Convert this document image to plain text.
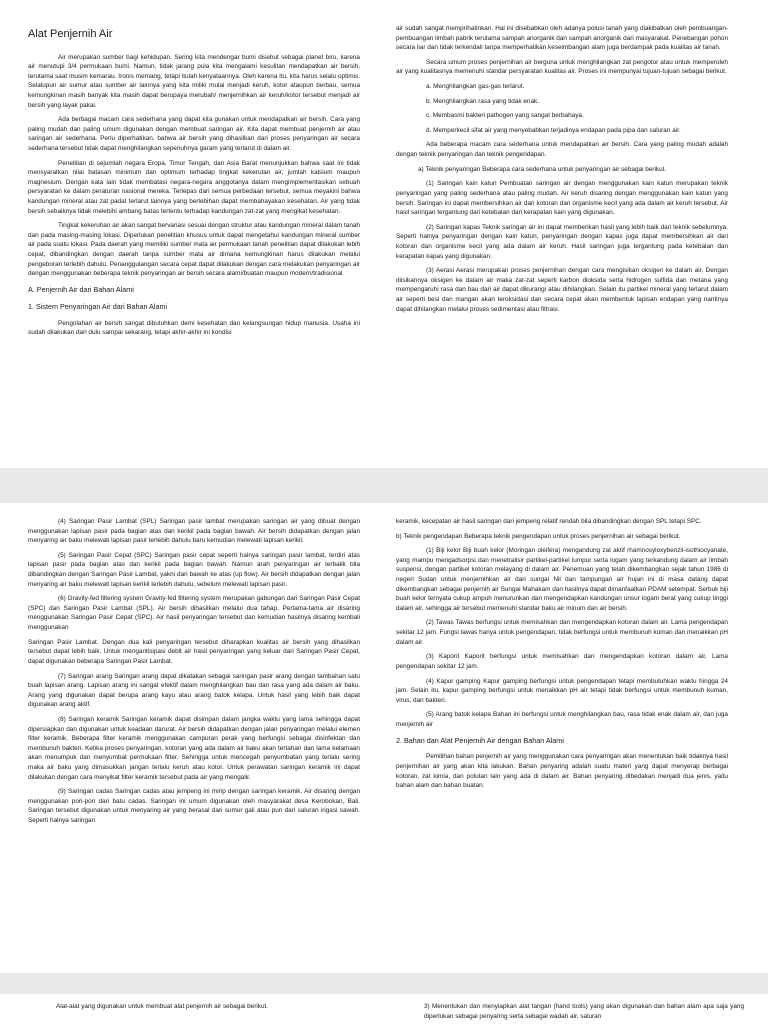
Alat Penjernih Air

Air merupakan sumber bagi kehidupan. Sering kita mendengar bumi disebut sebagai planet biru, karena air menutupi 3/4 permukaan bumi. Namun, tidak jarang pula kita mengalami kesulitan mendapatkan air bersih, terutama saat musim kemarau. Ironis memang, tetapi itulah kenyataannya. Oleh karena itu, kita harus selalu optimis. Selalupun air sumur atau sumber air lainnya yang kita miliki mulai menjadi keruh, kotor ataupun berbau, semua kemungkinan masih banyak kita masih dapat berupaya merubah/ menjernihkan air keruh/kotor tersebut menjadi air bersih yang layak pakai.

Ada berbagai macam cara sederhana yang dapat kita gunakan untuk mendapatkan air bersih. Cara yang paling mudah dan paling umum digunakan dengan membuat saringan air. Kita dapat membuat penjernih air atau saringan air sederhana. Perlu diperhatikan, bahwa air bersih yang dihasilkan dari proses penyaringan air secara sederhana tersebut tidak dapat menghilangkan sepenuhnya garam yang terlarut di dalam air.

Penelitian di sejumlah negara Eropa, Timur Tengah, dan Asia Barat menunjukkan bahwa saat ini tidak mensyaratkan nilai batasan minimum dan optimum terhadap tingkat kekerutan air, jumlah kalsium maupun magnesium. Dengan kata lain tidak membatasi negara-negara anggotanya dalam mengimplementasikan sebuah persyaratan ke dalam peraturan nasional mereka. Terlepas dari semua perbedaan tersebut, semua meyakini bahwa kandungan mineral atau zat padat terlarut lainnya yang berlebihan dapat membahayakan kesehatan. Air yang tidak bersih sebaiknya tidak melebihi ambang batas tertentu terhadap kandungan zat-zat yang mengikat kesehatan.

Tingkat kekeruhan air akan sangat bervariasi sesuai dengan struktur atau kandungan mineral dalam tanah dan pada masing-masing lokasi. Diperlukan penelitian khusus untuk dapat mengetahui kandungan mineral sumber air pada suatu lokasi. Pada daerah yang memiliki sumber mata air permukaan tanah penelitian dapat dilakukan lebih cepat, dibandingkan dengan daerah tanpa sumber mata air dimana kemungkinan harus dilakukan melalui pengeboran terlebih dahulu. Penanggulangan secara cepat dapat dilakukan dengan cara melakukan penyaringan air dengan menggunakan beberapa teknik penyaringan air bersih secara alami/buatan maupun modern/tradisional

A. Penjernih Air dari Bahan Alami
1. Sistem Penyaringan Air dari Bahan Alami

Pengolahan air bersih sangat dibutuhkan demi kesehatan dan kelangsungan hidup manusia. Usaha ini sudah dilakukan dari dulu sampai sekarang, tetapi akhir-akhir ini kondisi

air sudah sangat memprihatinkan. Hal ini disebabkan oleh adanya polusi tanah yang diakibatkan oleh pembuangan-pembuangan limbah pabrik terutama sampah anorganik dan sampah anorganik dari masyarakat. Penebangan pohon secara liar dan tidak terkendali tanpa memperhatikan keseimbangan alam juga berdampak pada kualitas air tanah.

Secara umum proses penjernihan air berguna untuk menghilangkan zat pengotor atau untuk memperoleh air yang kualitasnya memenuhi standar persyaratan kualitas air. Proses ini mempunyai tujuan-tujuan sebagai berikut.

a. Menghilangkan gas-gas terlarut.

b. Menghilangkan rasa yang tidak enak.

c. Membasmi bakteri pathogen yang sangat berbahaya.

d. Memperkecil sifat air yang menyebabkan terjadinya endapan pada pipa dan saluran air.

Ada beberapa macam cara sederhana untuk mendapatkan air bersih. Cara yang paling mudah adalah dengan teknik penyaringan dan teknik pengendapan.

a) Teknik penyaringan Beberapa cara sederhana untuk penyaringan air sebagai berikut.

(1) Saringan kain katun Pembuatan saringan air dengan menggunakan kain katun merupakan teknik penyaringan yang paling sederhana atau paling mudah. Air keruh disaring dengan menggunakan kain katun yang bersih. Saringan ini dapat membersihkan air dari kotoran dan organisme kecil yang ada dalam air keruh tersebut. Air hasil saringan tergantung dari ketebalan dan kerapatan kain yang digunakan.

(2) Saringan kapas Teknik saringan air ini dapat memberikan hasil yang lebih baik dari teknik sebelumnya. Seperti halnya penyaringan dengan kain katun, penyaringan dengan kapas juga dapat membersihkan air dari kotoran dan organisme kecil yang ada dalam air keruh. Hasil saringan juga tergantung pada ketebalan dan kerapatan kapas yang digunakan.

(3) Aerasi Aerasi merupakan proses penjernihan dengan cara mengisikan oksigen ke dalam air. Dengan diisikannya oksigen ke dalam air maka zat-zat seperti karbon dioksida serta hidrogen sulfida dan metana yang mempengaruhi rasa dan bau dari air dapat dikurangi atau dihilangkan. Selain itu partikel mineral yang terlarut dalam air seperti besi dan mangan akan teroksidasi dan secara cepat akan membentuk lapisan endapan yang nantinya dapat dihilangkan melalui proses sedimentasi atau filtrasi.

(4) Saringan Pasir Lambat (SPL) Saringan pasir lambat merupakan saringan air yang dibuat dengan menggunakan lapisan pasir pada bagian atas dan kerikil pada bagian bawah. Air bersih didapatkan dengan jalan menyaring air baku melewati lapisan pasir terlebih dahulu baru kemudian melewati lapisan kerikil.

(5) Saringan Pasir Cepat (SPC) Saringan pasir cepat seperti halnya saringan pasir lambat, terdiri atas lapisan pasir pada bagian atas dan kerikil pada bagian bawah. Namun arah penyaringan air terbalik bila dibandingkan dengan Saringan Pasir Lambat, yakni dari bawah ke atas (up flow). Air bersih didapatkan dengan jalan menyaring air baku melewati lapisan kerikil terlebih dahulu, sebelum melewati lapisan pasir.

(6) Gravity-fed filtering system Gravity-fed filtering system merupakan gabungan dari Saringan Pasir Cepat (SPC) dan Saringan Pasir Lambat (SPL). Air bersih dihasilkan melalui dua tahap. Pertama-tama air disaring menggunakan Saringan Pasir Cepat (SPC). Air hasil penyaringan tersebut dan kemudian hasilnya disaring kembali menggunakan

Saringan Pasir Lambat. Dengan dua kali penyaringan tersebut diharapkan kualitas air bersih yang dihasilkan tersebut dapat lebih baik. Untuk mengantisipasi debit air hasil penyaringan yang keluar dari Saringan Pasir Cepat, dapat digunakan beberapa Saringan Pasir Lambat.

(7) Saringan arang Saringan arang dapat dikatakan sebagai saringan pasir arang dengan tambahan satu buah lapisan arang. Lapisan arang ini sangat efektif dalam menghilangkan bau dan rasa yang ada dalam air baku. Arang yang digunakan dapat berupa arang kayu atau arang batok kelapa. Untuk hasil yang lebih baik dapat digunakan arang aktif.

(8) Saringan keramik Saringan keramik dapat disimpan dalam jangka waktu yang lama sehingga dapat dipersiapkan dan digunakan untuk keadaan darurat. Air bersih didapatkan dengan jalan penyaringan melalui elemen filter keramik. Beberapa filter keramik menggunakan campuran perak yang berfungsi sebagai disinfektan dan membunuh bakteri. Ketika proses penyaringan, kotoran yang ada dalam air baku akan tertahan dan lama kelamaan akan menumpuk dan menyumbat permukaan filter. Sehingga untuk mencegah penyumbatan yang terlalu sering maka air baku yang dimasukkan jangan terlalu keruh atau kotor. Untuk perawatan saringan keramik ini dapat dilakukan dengan cara menyikat filter keramik tersebut pada air yang mengalir.

(9) Saringan cadas Saringan cadas atau jempeng ini mirip dengan saringan keramik. Air disaring dengan menggunakan pori-pori dari batu cadas. Saringan ini umum digunakan oleh masyarakat desa Kerobokan, Bali. Saringan tersebut digunakan untuk menyaring air yang berasal dari sumur gali atau pun dari saluran irigasi sawah. Seperti halnya saringan

keramik, kecepatan air hasil saringan dari jempeng relatif rendah bila dibandingkan dengan SPL tetapi SPC.

b) Teknik pengendapan Beberapa teknik pengendapan untuk proses penjernihan air sebagai berikut.

(1) Biji kelor Biji buah kelor (Moringan oleifera) mengandung zat aktif rhamnosyloxybenzil-isothiocyanate, yang mampu mengadsorpsi dan menetralisir partikel-partikel lumpur serta logam yang terkandung dalam air limbah suspensi, dengan partikel kotoran melayang di dalam air. Penemuan yang telah dikembangkan sejak tahun 1986 di negeri Sudan untuk menjernihkan air dari sungai Nil dan tampungan air hujan ini di masa datang dapat dikembangkan sebagai penjernih air Sungai Mahakam dan hasilnya dapat dimanfaatkan PDAM setempat. Serbuk biji buah kelor ternyata cukup ampuh menurunkan dan mengendapkan kandungan unsur logam berat yang cukup tinggi dalam air, sehingga air tersebut memenuhi standar baku air minum dan air bersih.

(2) Tawas Tawas berfungsi untuk memisahkan dan mengendapkan kotoran dalam air. Lama pengendapan sekitar 12 jam. Fungsi tawas hanya untuk pengendapan, tidak berfungsi untuk membunuh kuman dan menaikkan pH dalam air.

(3) Kaporit Kaporit berfungsi untuk memisahkan dan mengendapkan kotoran dalam air. Lama pengendapan sekitar 12 jam.

(4) Kapur gamping Kapur gamping berfungsi untuk pengendapan tetapi membutuhkan waktu hingga 24 jam. Selain itu, kapur gamping berfungsi untuk menaikkan pH air tetapi tidak berfungsi untuk membunuh kuman, virus, dan bakteri.

(5) Arang batok kelapa Bahan ini berfungsi untuk menghilangkan bau, rasa tidak enak dalam air, dan juga menjernih air

2. Bahan dan Alat Penjernih Air dengan Bahan Alami

Pemilihan bahan penjernih air yang menggunakan cara penyaringan akan menentukan baik tidaknya hasil penjernihan air yang akan kita lakukan. Bahan penyaring adalah suatu materi yang dapat menyerap berbagai kotoran, zat kimia, dan polutan lain yang ada di dalam air. Bahan penyaring dibedakan menjadi dua jenis, yaitu bahan alam dan bahan buatan.

Alat-alat yang digunakan untuk membuat alat penjernih air sebagai berikut.	3) Menentukan dan menyiapkan alat tangan (hand tools) yang akan digunakan dan bahan alam apa saja yang diperlukan sebagai penyaring serta sebagai wadah air, saluran
